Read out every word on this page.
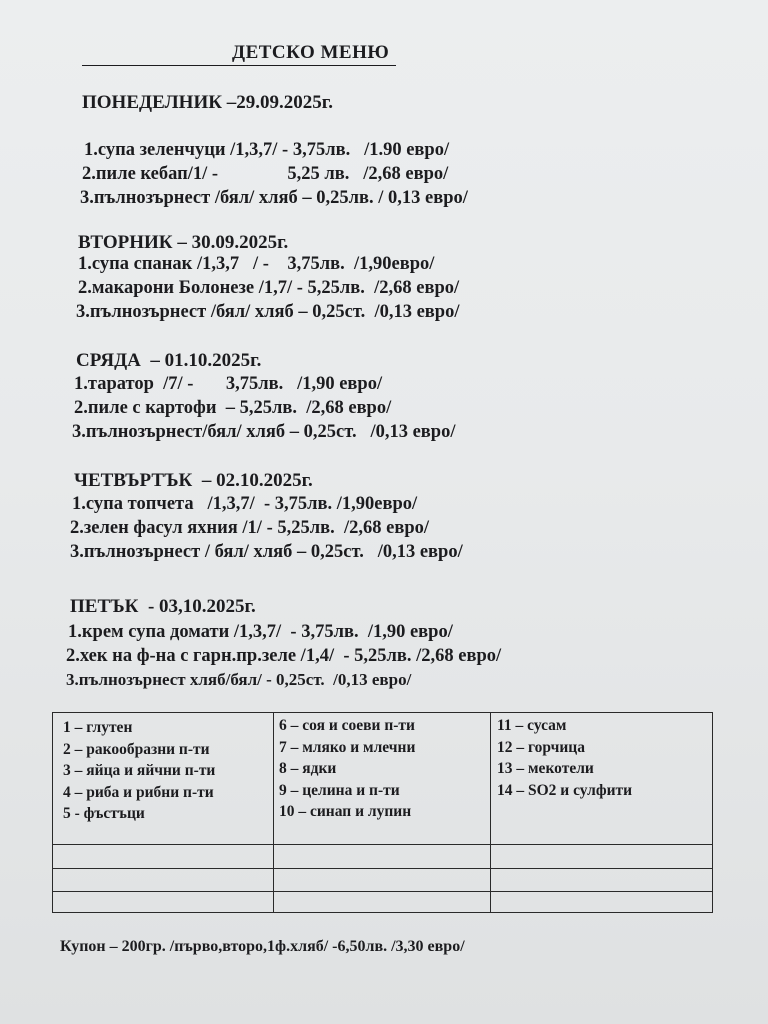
ДЕТСКО МЕНЮ
ПОНЕДЕЛНИК –29.09.2025г.
1.супа зеленчуци /1,3,7/ - 3,75лв.   /1.90 евро/
2.пиле кебап/1/ -               5,25 лв.   /2,68 евро/
3.пълнозърнест /бял/ хляб – 0,25лв. / 0,13 евро/
ВТОРНИК – 30.09.2025г.
1.супа спанак /1,3,7   / -    3,75лв.  /1,90евро/
2.макарони Болонезе /1,7/ - 5,25лв.  /2,68 евро/
3.пълнозърнест /бял/ хляб – 0,25ст.  /0,13 евро/
СРЯДА  – 01.10.2025г.
1.таратор  /7/ -       3,75лв.   /1,90 евро/
2.пиле с картофи  – 5,25лв.  /2,68 евро/
3.пълнозърнест/бял/ хляб – 0,25ст.   /0,13 евро/
ЧЕТВЪРТЪК  – 02.10.2025г.
1.супа топчета   /1,3,7/  - 3,75лв. /1,90евро/
2.зелен фасул яхния /1/ - 5,25лв.  /2,68 евро/
3.пълнозърнест / бял/ хляб – 0,25ст.   /0,13 евро/
ПЕТЪК  - 03,10.2025г.
1.крем супа домати /1,3,7/  - 3,75лв.  /1,90 евро/
2.хек на ф-на с гарн.пр.зеле /1,4/  - 5,25лв. /2,68 евро/
3.пълнозърнест хляб/бял/ - 0,25ст.  /0,13 евро/
1 – глутен
2 – ракообразни п-ти
3 – яйца и яйчни п-ти
4 – риба и рибни п-ти
5 - фъстъци
6 – соя и соеви п-ти
7 – мляко и млечни
8 – ядки
9 – целина и п-ти
10 – синап и лупин
11 – сусам
12 – горчица
13 – мекотели
14 – SO2 и сулфити
Купон – 200гр. /първо,второ,1ф.хляб/ -6,50лв. /3,30 евро/
